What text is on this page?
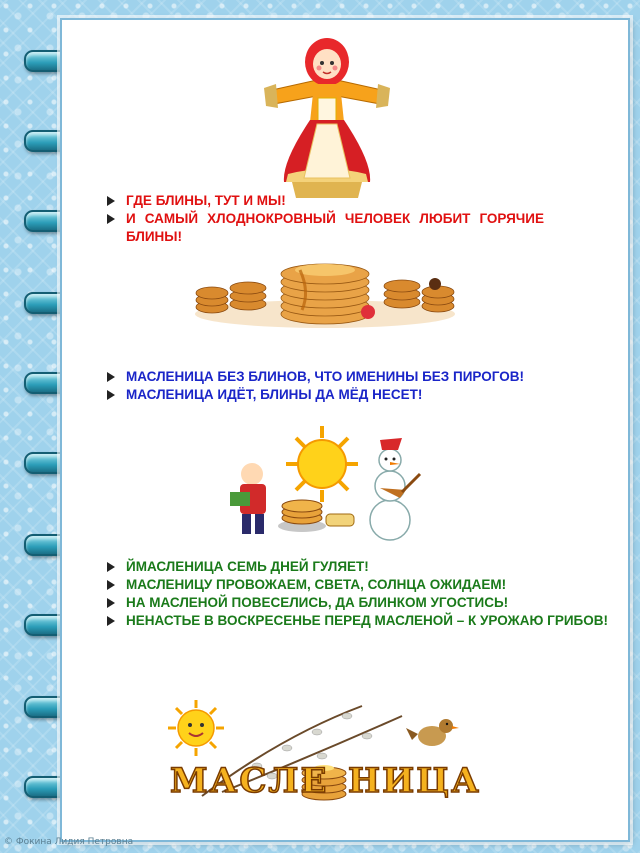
ГДЕ БЛИНЫ, ТУТ И МЫ!
И САМЫЙ ХЛОДНОКРОВНЫЙ ЧЕЛОВЕК ЛЮБИТ ГОРЯЧИЕ БЛИНЫ!
МАСЛЕНИЦА БЕЗ БЛИНОВ, ЧТО ИМЕНИНЫ БЕЗ ПИРОГОВ!
МАСЛЕНИЦА ИДЁТ, БЛИНЫ ДА МЁД НЕСЕТ!
ЙМАСЛЕНИЦА СЕМЬ ДНЕЙ ГУЛЯЕТ!
МАСЛЕНИЦУ ПРОВОЖАЕМ, СВЕТА, СОЛНЦА ОЖИДАЕМ!
НА МАСЛЕНОЙ ПОВЕСЕЛИСЬ, ДА БЛИНКОМ УГОСТИСЬ!
НЕНАСТЬЕ В ВОСКРЕСЕНЬЕ ПЕРЕД МАСЛЕНОЙ – К УРОЖАЮ ГРИБОВ!
МАСЛЕ НИЦА
© Фокина Лидия Петровна
